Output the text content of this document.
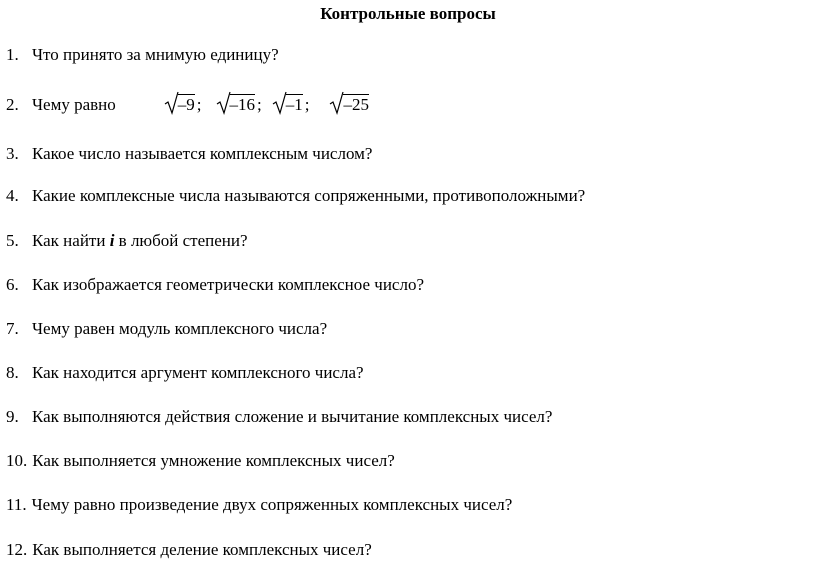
Контрольные вопросы
1. Что принято за мнимую единицу?
2. Чему равно	–9 ; –16 ; –1 ; –25
3. Какое число называется комплексным числом?
4. Какие комплексные числа называются сопряженными, противоположными?
5. Как найти i в любой степени?
6. Как изображается геометрически комплексное число?
7. Чему равен модуль комплексного числа?
8. Как находится аргумент комплексного числа?
9. Как выполняются действия сложение и вычитание комплексных чисел?
10. Как выполняется умножение комплексных чисел?
11. Чему равно произведение двух сопряженных комплексных чисел?
12. Как выполняется деление комплексных чисел?
